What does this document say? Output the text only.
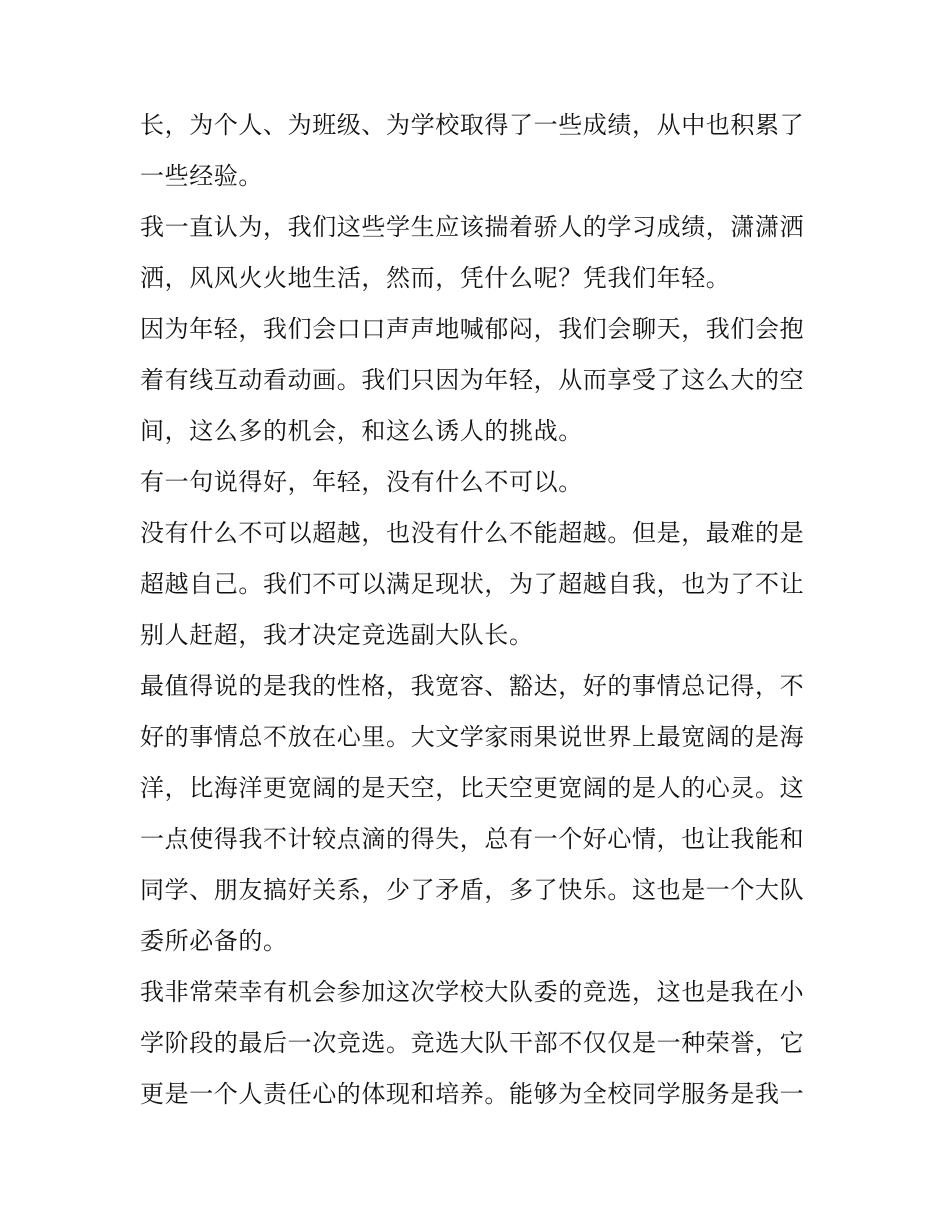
长，为个人、为班级、为学校取得了一些成绩，从中也积累了一些经验。

我一直认为，我们这些学生应该揣着骄人的学习成绩，潇潇洒洒，风风火火地生活，然而，凭什么呢？凭我们年轻。

因为年轻，我们会口口声声地喊郁闷，我们会聊天，我们会抱着有线互动看动画。我们只因为年轻，从而享受了这么大的空间，这么多的机会，和这么诱人的挑战。

有一句说得好，年轻，没有什么不可以。

没有什么不可以超越，也没有什么不能超越。但是，最难的是超越自己。我们不可以满足现状，为了超越自我，也为了不让别人赶超，我才决定竞选副大队长。

最值得说的是我的性格，我宽容、豁达，好的事情总记得，不好的事情总不放在心里。大文学家雨果说世界上最宽阔的是海洋，比海洋更宽阔的是天空，比天空更宽阔的是人的心灵。这一点使得我不计较点滴的得失，总有一个好心情，也让我能和同学、朋友搞好关系，少了矛盾，多了快乐。这也是一个大队委所必备的。

我非常荣幸有机会参加这次学校大队委的竞选，这也是我在小学阶段的最后一次竞选。竞选大队干部不仅仅是一种荣誉，它更是一个人责任心的体现和培养。能够为全校同学服务是我一
